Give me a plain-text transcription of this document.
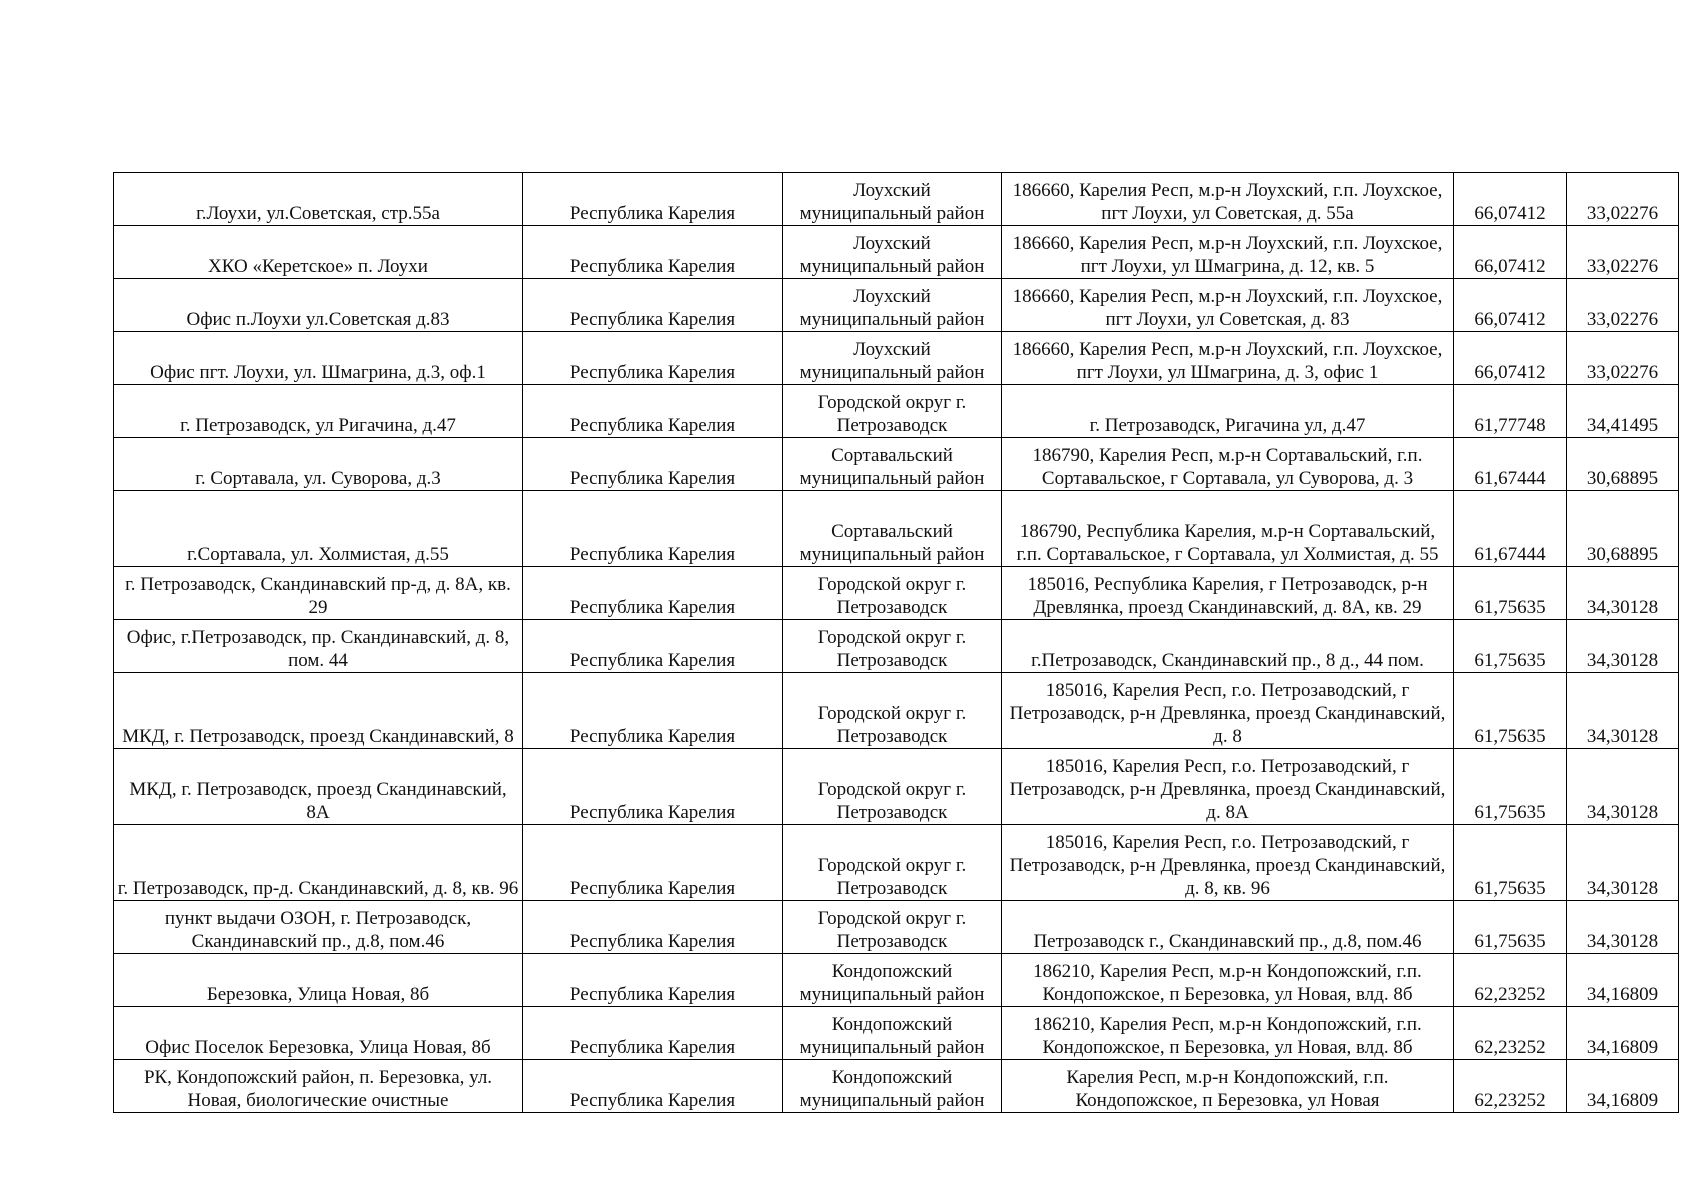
г.Лоухи, ул.Советская, стр.55а	Республика Карелия	Лоухский муниципальный район	186660, Карелия Респ, м.р-н Лоухский, г.п. Лоухское, пгт Лоухи, ул Советская, д. 55а	66,07412	33,02276
ХКО «Керетское» п. Лоухи	Республика Карелия	Лоухский муниципальный район	186660, Карелия Респ, м.р-н Лоухский, г.п. Лоухское, пгт Лоухи, ул Шмагрина, д. 12, кв. 5	66,07412	33,02276
Офис п.Лоухи ул.Советская д.83	Республика Карелия	Лоухский муниципальный район	186660, Карелия Респ, м.р-н Лоухский, г.п. Лоухское, пгт Лоухи, ул Советская, д. 83	66,07412	33,02276
Офис пгт. Лоухи, ул. Шмагрина, д.3, оф.1	Республика Карелия	Лоухский муниципальный район	186660, Карелия Респ, м.р-н Лоухский, г.п. Лоухское, пгт Лоухи, ул Шмагрина, д. 3, офис 1	66,07412	33,02276
г. Петрозаводск, ул Ригачина, д.47	Республика Карелия	Городской округ г. Петрозаводск	г. Петрозаводск, Ригачина ул, д.47	61,77748	34,41495
г. Сортавала, ул. Суворова, д.3	Республика Карелия	Сортавальский муниципальный район	186790, Карелия Респ, м.р-н Сортавальский, г.п. Сортавальское, г Сортавала, ул Суворова, д. 3	61,67444	30,68895
г.Сортавала, ул. Холмистая, д.55	Республика Карелия	Сортавальский муниципальный район	186790, Республика Карелия, м.р-н Сортавальский, г.п. Сортавальское, г Сортавала, ул Холмистая, д. 55	61,67444	30,68895
г. Петрозаводск, Скандинавский пр-д, д. 8А, кв. 29	Республика Карелия	Городской округ г. Петрозаводск	185016, Республика Карелия, г Петрозаводск, р-н Древлянка, проезд Скандинавский, д. 8А, кв. 29	61,75635	34,30128
Офис, г.Петрозаводск, пр. Скандинавский, д. 8, пом. 44	Республика Карелия	Городской округ г. Петрозаводск	г.Петрозаводск, Скандинавский пр., 8 д., 44 пом.	61,75635	34,30128
МКД, г. Петрозаводск, проезд Скандинавский, 8	Республика Карелия	Городской округ г. Петрозаводск	185016, Карелия Респ, г.о. Петрозаводский, г Петрозаводск, р-н Древлянка, проезд Скандинавский, д. 8	61,75635	34,30128
МКД, г. Петрозаводск, проезд Скандинавский, 8А	Республика Карелия	Городской округ г. Петрозаводск	185016, Карелия Респ, г.о. Петрозаводский, г Петрозаводск, р-н Древлянка, проезд Скандинавский, д. 8А	61,75635	34,30128
г. Петрозаводск, пр-д. Скандинавский, д. 8, кв. 96	Республика Карелия	Городской округ г. Петрозаводск	185016, Карелия Респ, г.о. Петрозаводский, г Петрозаводск, р-н Древлянка, проезд Скандинавский, д. 8, кв. 96	61,75635	34,30128
пункт выдачи ОЗОН, г. Петрозаводск, Скандинавский пр., д.8, пом.46	Республика Карелия	Городской округ г. Петрозаводск	Петрозаводск г., Скандинавский пр., д.8, пом.46	61,75635	34,30128
Березовка, Улица Новая, 8б	Республика Карелия	Кондопожский муниципальный район	186210, Карелия Респ, м.р-н Кондопожский, г.п. Кондопожское, п Березовка, ул Новая, влд. 8б	62,23252	34,16809
Офис Поселок Березовка, Улица Новая, 8б	Республика Карелия	Кондопожский муниципальный район	186210, Карелия Респ, м.р-н Кондопожский, г.п. Кондопожское, п Березовка, ул Новая, влд. 8б	62,23252	34,16809
РК, Кондопожский район, п. Березовка, ул. Новая, биологические очистные	Республика Карелия	Кондопожский муниципальный район	Карелия Респ, м.р-н Кондопожский, г.п. Кондопожское, п Березовка, ул Новая	62,23252	34,16809
